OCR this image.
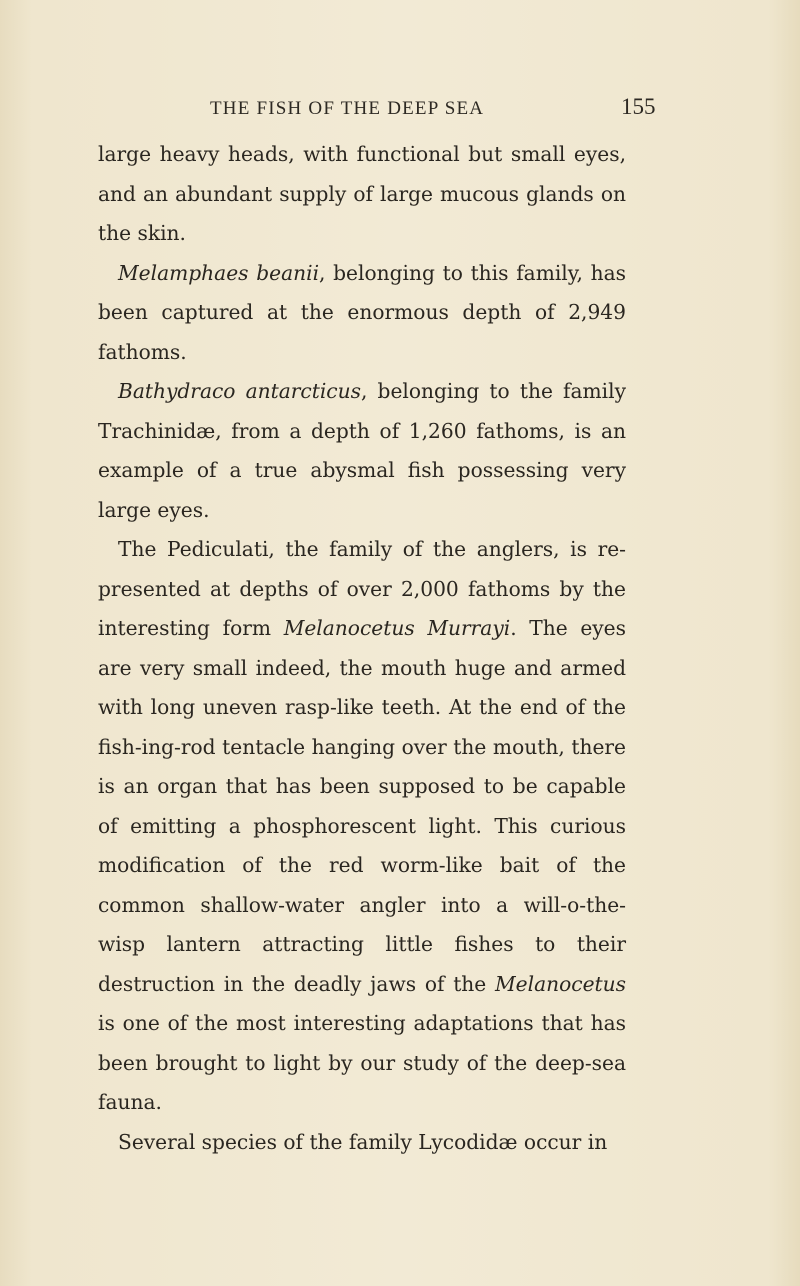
THE FISH OF THE DEEP SEA	155

large heavy heads, with functional but small eyes, and an abundant supply of large mucous glands on the skin.

Melamphaes beanii, belonging to this family, has been captured at the enormous depth of 2,949 fathoms.

Bathydraco antarcticus, belonging to the family Trachinidæ, from a depth of 1,260 fathoms, is an example of a true abysmal fish possessing very large eyes.

The Pediculati, the family of the anglers, is re-presented at depths of over 2,000 fathoms by the interesting form Melanocetus Murrayi. The eyes are very small indeed, the mouth huge and armed with long uneven rasp-like teeth. At the end of the fish-ing-rod tentacle hanging over the mouth, there is an organ that has been supposed to be capable of emitting a phosphorescent light. This curious modification of the red worm-like bait of the common shallow-water angler into a will-o-the-wisp lantern attracting little fishes to their destruction in the deadly jaws of the Melanocetus is one of the most interesting adaptations that has been brought to light by our study of the deep-sea fauna.

Several species of the family Lycodidæ occur in
